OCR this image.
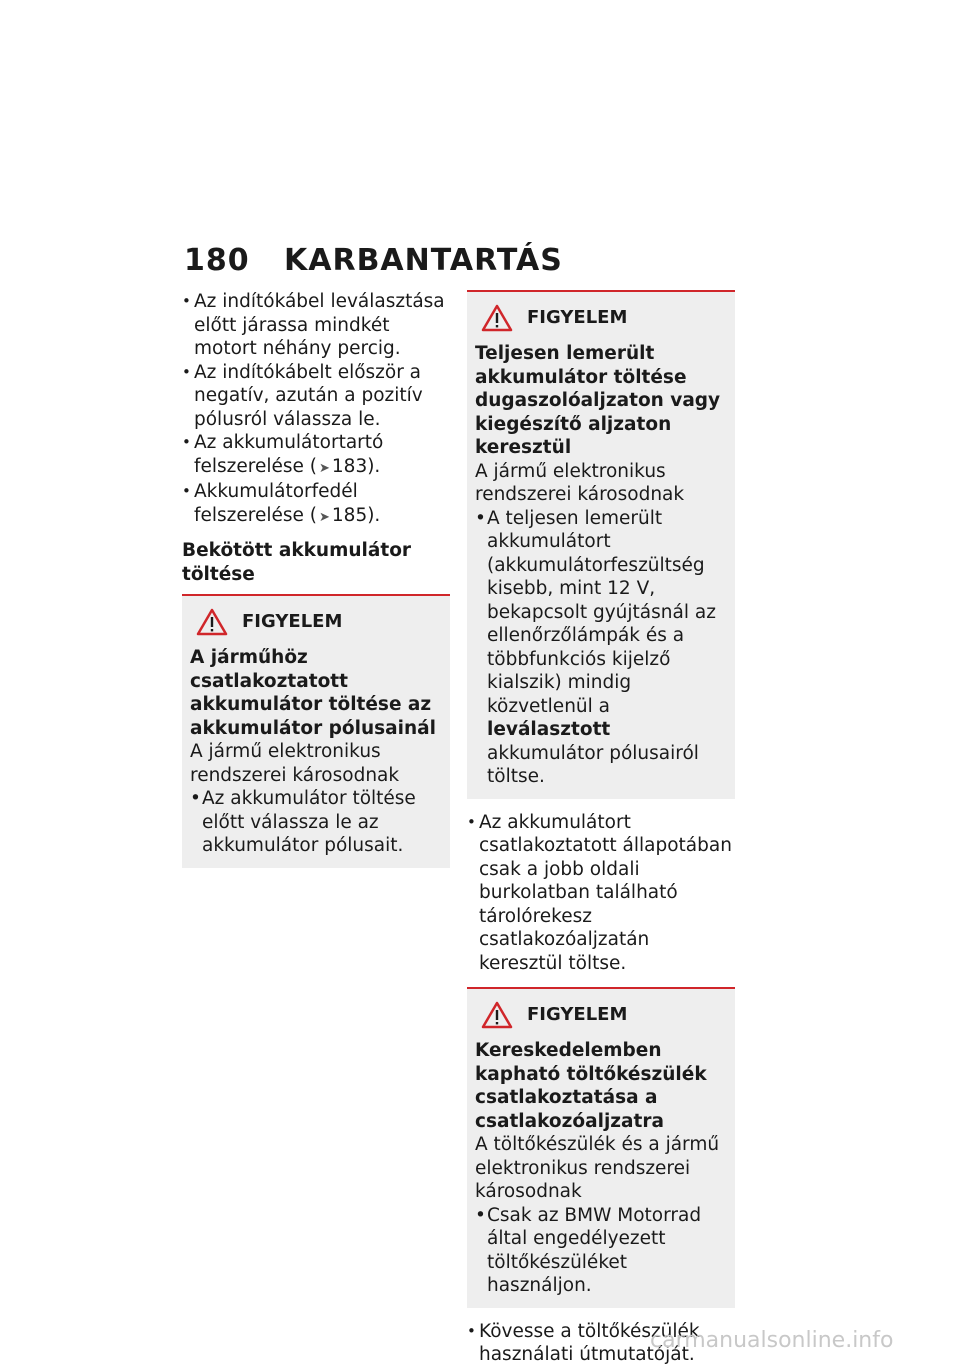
180 KARBANTARTÁS
• Az indítókábel leválasztása előtt járassa mindkét motort néhány percig.
• Az indítókábelt először a negatív, azután a pozitív pólusról válassza le.
• Az akkumulátortartó felszerelése ( ➤ 183).
• Akkumulátorfedél felszerelése ( ➤ 185).
Bekötött akkumulátor töltése
FIGYELEM
A járműhöz csatlakoztatott akkumulátor töltése az akkumulátor pólusainál
A jármű elektronikus rendszerei károsodnak
• Az akkumulátor töltése előtt válassza le az akkumulátor pólusait.
FIGYELEM
Teljesen lemerült akkumulátor töltése dugaszolóaljzaton vagy kiegészítő aljzaton keresztül
A jármű elektronikus rendszerei károsodnak
• A teljesen lemerült akkumulátort (akkumulátorfeszültség kisebb, mint 12 V, bekapcsolt gyújtásnál az ellenőrzőlámpák és a többfunkciós kijelző kialszik) mindig közvetlenül a leválasztott akkumulátor pólusairól töltse.
• Az akkumulátort csatlakoztatott állapotában csak a jobb oldali burkolatban található tárolórekesz csatlakozóaljzatán keresztül töltse.
FIGYELEM
Kereskedelemben kapható töltőkészülék csatlakoztatása a csatlakozóaljzatra
A töltőkészülék és a jármű elektronikus rendszerei károsodnak
• Csak az BMW Motorrad által engedélyezett töltőkészüléket használjon.
• Kövesse a töltőkészülék használati útmutatóját.
carmanualsonline.info
